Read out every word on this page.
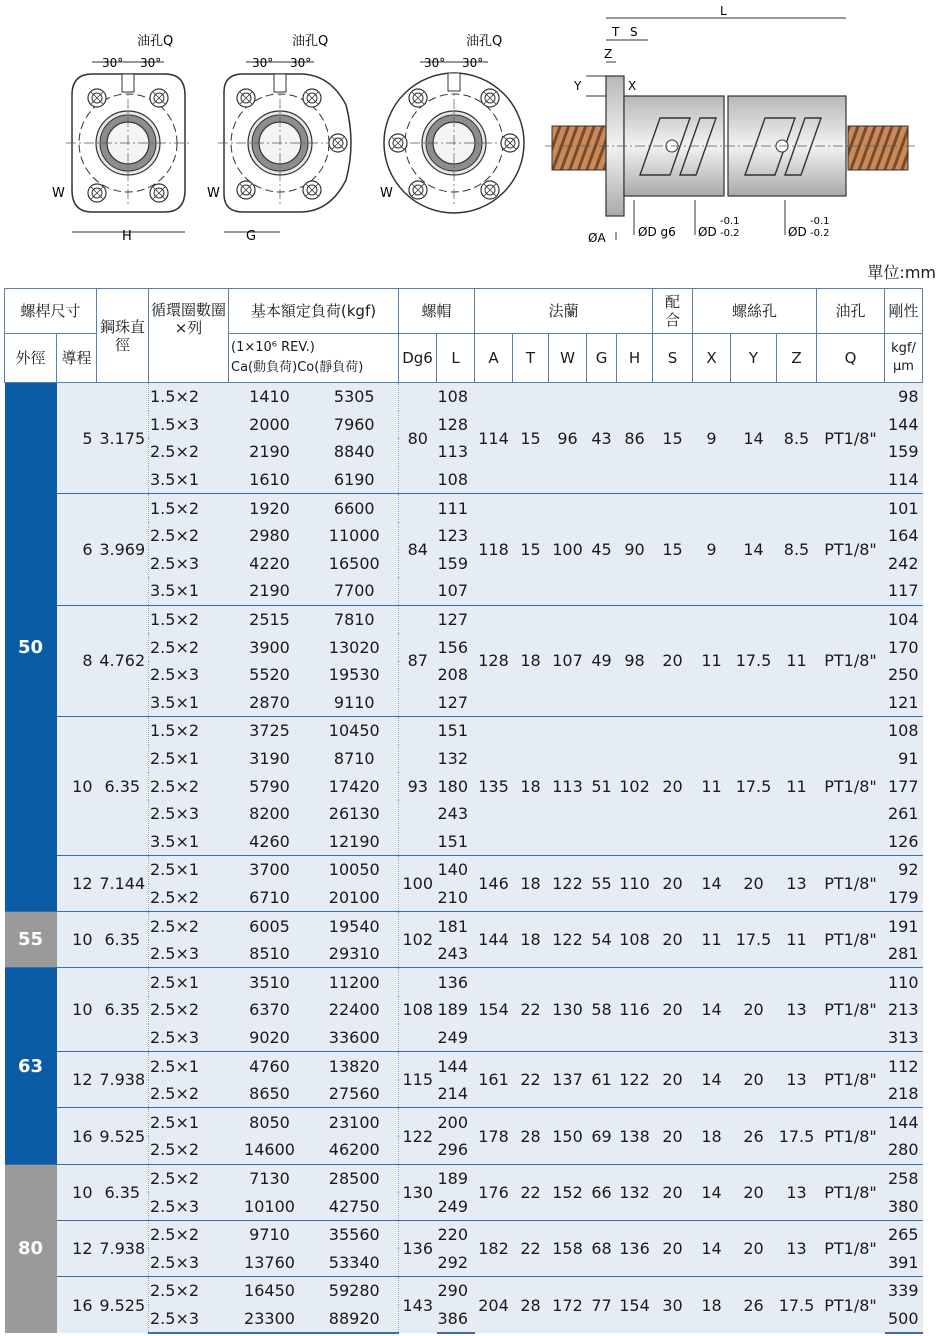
30° 30°
油孔Q
W
H
30° 30°
油孔Q
W
G
30° 30°
油孔Q
W
L
T S
Z
Y	X
ØA	ØD g6 ØD
-0.1
-0.2	ØD
-0.1
-0.2
單位:mm
螺桿尺寸		鋼珠直徑	循環圈數圈×列	基本額定負荷(kgf)		螺帽		法蘭					配合	螺絲孔			油孔	剛性
外徑	導程			(1×10⁶ REV.)
Ca(動負荷)Co(靜負荷)		Dg6	L	A	T	W	G	H	S	X	Y	Z	Q	kgf/μm
50	5	3.175	1.5×2	1410	5305	80	108	114	15	96	43	86	15	9	14	8.5	PT1/8"	98
			1.5×3	2000	7960		128											144
			2.5×2	2190	8840		113											159
			3.5×1	1610	6190		108											114
	6	3.969	1.5×2	1920	6600	84	111	118	15	100	45	90	15	9	14	8.5	PT1/8"	101
			2.5×2	2980	11000		123											164
			2.5×3	4220	16500		159											242
			3.5×1	2190	7700		107											117
	8	4.762	1.5×2	2515	7810	87	127	128	18	107	49	98	20	11	17.5	11	PT1/8"	104
			2.5×2	3900	13020		156											170
			2.5×3	5520	19530		208											250
			3.5×1	2870	9110		127											121
	10	6.35	1.5×2	3725	10450	93	151	135	18	113	51	102	20	11	17.5	11	PT1/8"	108
			2.5×1	3190	8710		132											91
			2.5×2	5790	17420		180											177
			2.5×3	8200	26130		243											261
			3.5×1	4260	12190		151											126
	12	7.144	2.5×1	3700	10050	100	140	146	18	122	55	110	20	14	20	13	PT1/8"	92
			2.5×2	6710	20100		210											179
55	10	6.35	2.5×2	6005	19540	102	181	144	18	122	54	108	20	11	17.5	11	PT1/8"	191
			2.5×3	8510	29310		243											281
63	10	6.35	2.5×1	3510	11200	108	136	154	22	130	58	116	20	14	20	13	PT1/8"	110
			2.5×2	6370	22400		189											213
			2.5×3	9020	33600		249											313
	12	7.938	2.5×1	4760	13820	115	144	161	22	137	61	122	20	14	20	13	PT1/8"	112
			2.5×2	8650	27560		214											218
	16	9.525	2.5×1	8050	23100	122	200	178	28	150	69	138	20	18	26	17.5	PT1/8"	144
			2.5×2	14600	46200		296											280
80	10	6.35	2.5×2	7130	28500	130	189	176	22	152	66	132	20	14	20	13	PT1/8"	258
			2.5×3	10100	42750		249											380
	12	7.938	2.5×2	9710	35560	136	220	182	22	158	68	136	20	14	20	13	PT1/8"	265
			2.5×3	13760	53340		292											391
	16	9.525	2.5×2	16450	59280	143	290	204	28	172	77	154	30	18	26	17.5	PT1/8"	339
			2.5×3	23300	88920		386											500
